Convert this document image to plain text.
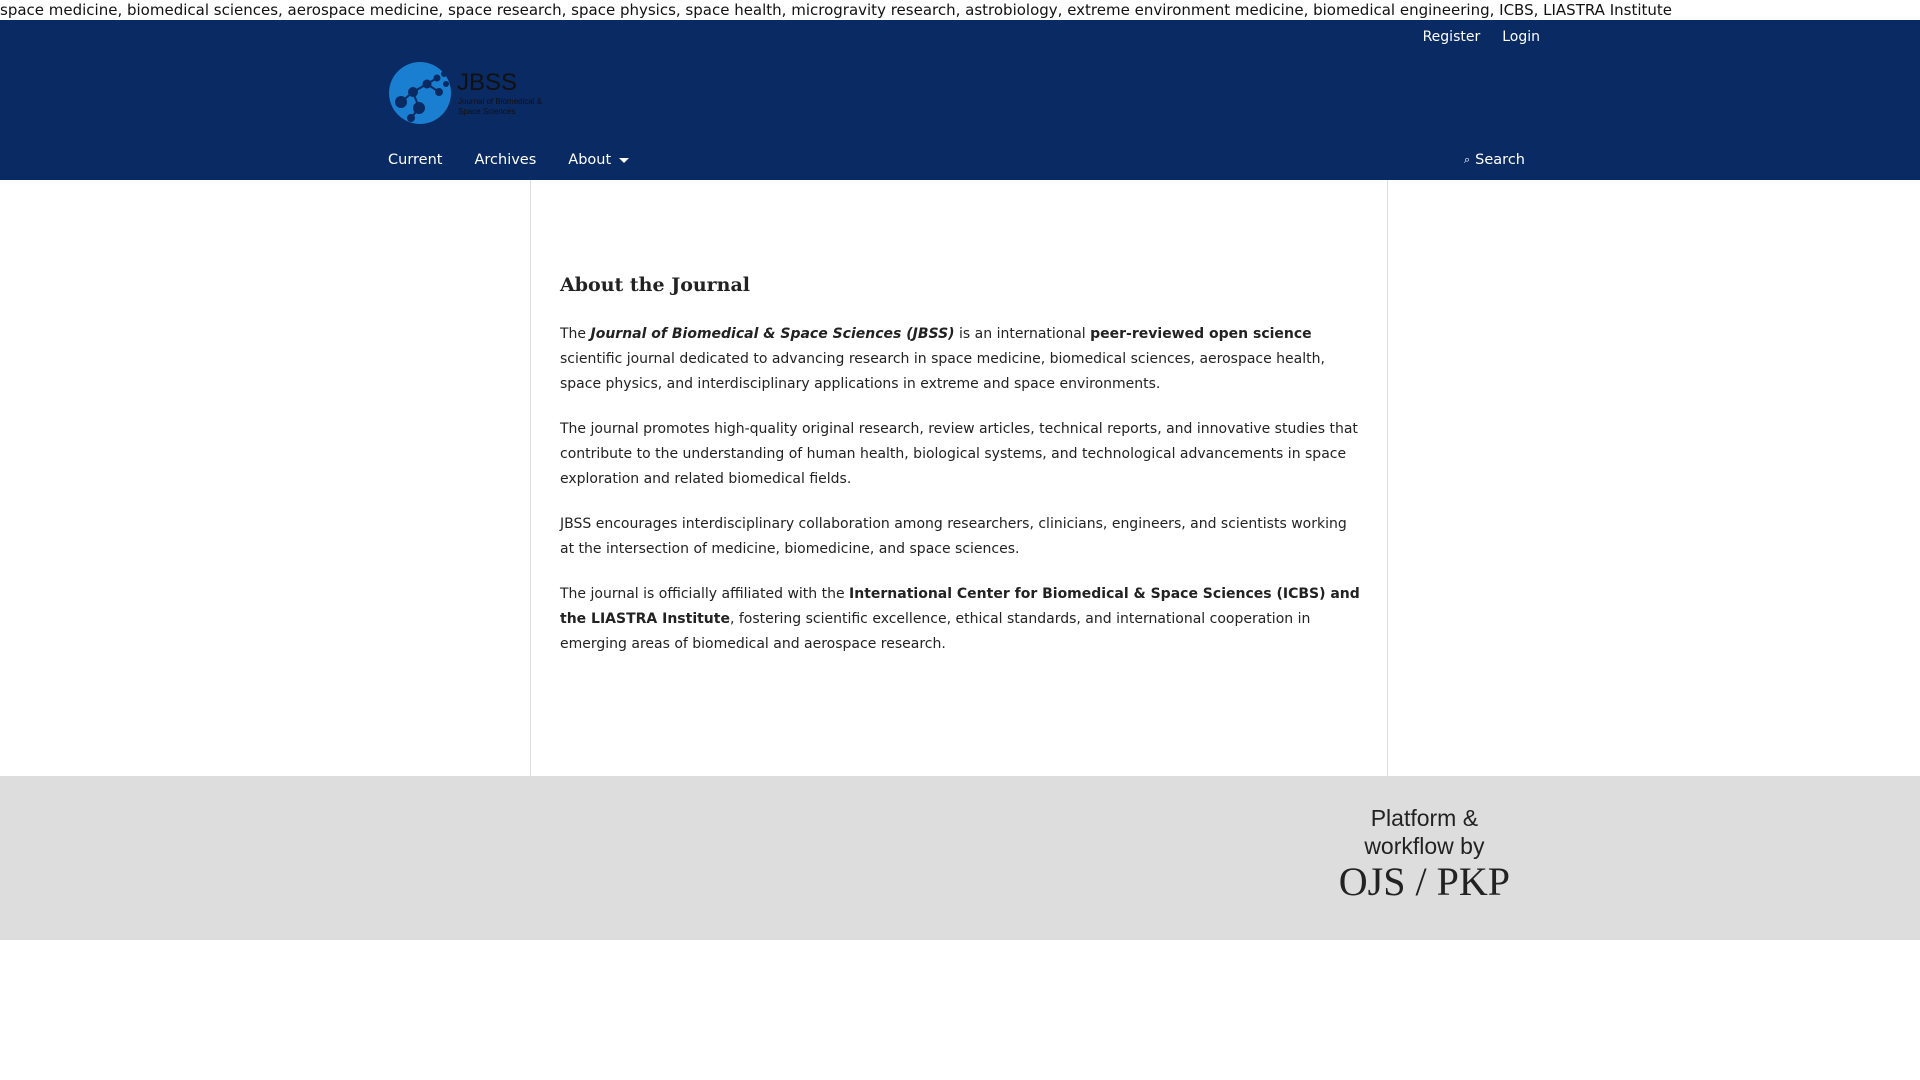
space medicine, biomedical sciences, aerospace medicine, space research, space physics, space health, microgravity research, astrobiology, extreme environment medicine, biomedical engineering, ICBS, LIASTRA Institute
Register Login
JBSS
Journal of Biomedical &
Space Sciences
Current Archives About	⌕ Search
About the Journal

The Journal of Biomedical & Space Sciences (JBSS) is an international peer-reviewed open science scientific journal dedicated to advancing research in space medicine, biomedical sciences, aerospace health, space physics, and interdisciplinary applications in extreme and space environments.

The journal promotes high-quality original research, review articles, technical reports, and innovative studies that contribute to the understanding of human health, biological systems, and technological advancements in space exploration and related biomedical fields.

JBSS encourages interdisciplinary collaboration among researchers, clinicians, engineers, and scientists working at the intersection of medicine, biomedicine, and space sciences.

The journal is officially affiliated with the International Center for Biomedical & Space Sciences (ICBS) and the LIASTRA Institute, fostering scientific excellence, ethical standards, and international cooperation in emerging areas of biomedical and aerospace research.

Platform &
workflow by
OJS / PKP
